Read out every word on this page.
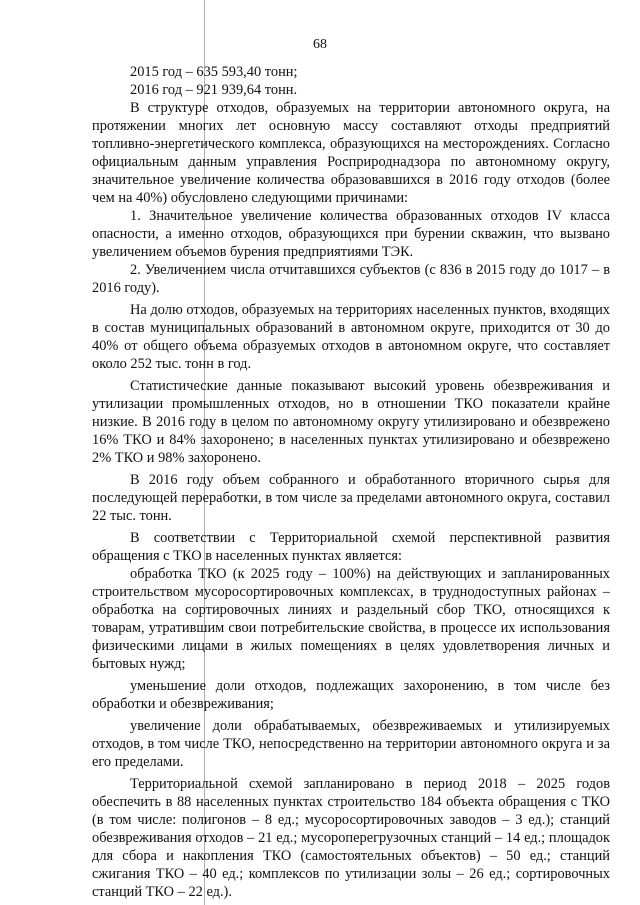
68

2015 год – 635 593,40 тонн;

2016 год – 921 939,64 тонн.

В структуре отходов, образуемых на территории автономного округа, на протяжении многих лет основную массу составляют отходы предприятий топливно-энергетического комплекса, образующихся на месторождениях. Согласно официальным данным управления Росприроднадзора по автономному округу, значительное увеличение количества образовавшихся в 2016 году отходов (более чем на 40%) обусловлено следующими причинами:

1. Значительное увеличение количества образованных отходов IV класса опасности, а именно отходов, образующихся при бурении скважин, что вызвано увеличением объемов бурения предприятиями ТЭК.

2. Увеличением числа отчитавшихся субъектов (с 836 в 2015 году до 1017 – в 2016 году).

На долю отходов, образуемых на территориях населенных пунктов, входящих в состав муниципальных образований в автономном округе, приходится от 30 до 40% от общего объема образуемых отходов в автономном округе, что составляет около 252 тыс. тонн в год.

Статистические данные показывают высокий уровень обезвреживания и утилизации промышленных отходов, но в отношении ТКО показатели крайне низкие. В 2016 году в целом по автономному округу утилизировано и обезврежено 16% ТКО и 84% захоронено; в населенных пунктах утилизировано и обезврежено 2% ТКО и 98% захоронено.

В 2016 году объем собранного и обработанного вторичного сырья для последующей переработки, в том числе за пределами автономного округа, составил 22 тыс. тонн.

В соответствии с Территориальной схемой перспективной развития обращения с ТКО в населенных пунктах является:

обработка ТКО (к 2025 году – 100%) на действующих и запланированных строительством мусоросортировочных комплексах, в труднодоступных районах – обработка на сортировочных линиях и раздельный сбор ТКО, относящихся к товарам, утратившим свои потребительские свойства, в процессе их использования физическими лицами в жилых помещениях в целях удовлетворения личных и бытовых нужд;

уменьшение доли отходов, подлежащих захоронению, в том числе без обработки и обезвреживания;

увеличение доли обрабатываемых, обезвреживаемых и утилизируемых отходов, в том числе ТКО, непосредственно на территории автономного округа и за его пределами.

Территориальной схемой запланировано в период 2018 – 2025 годов обеспечить в 88 населенных пунктах строительство 184 объекта обращения с ТКО (в том числе: полигонов – 8 ед.; мусоросортировочных заводов – 3 ед.); станций обезвреживания отходов – 21 ед.; мусороперегрузочных станций – 14 ед.; площадок для сбора и накопления ТКО (самостоятельных объектов) – 50 ед.; станций сжигания ТКО – 40 ед.; комплексов по утилизации золы – 26 ед.; сортировочных станций ТКО – 22 ед.).
